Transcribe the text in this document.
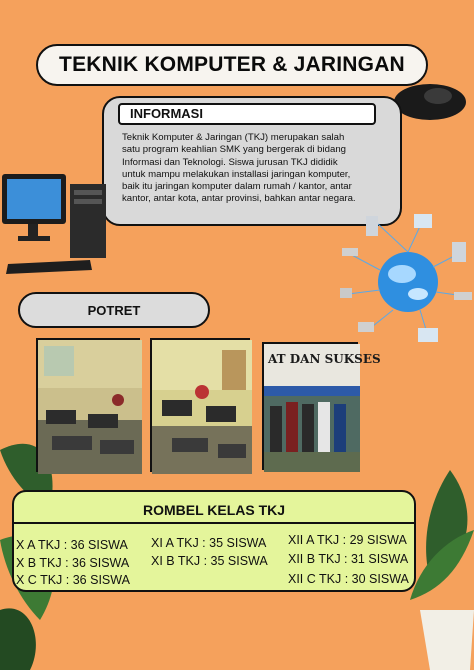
TEKNIK KOMPUTER & JARINGAN
INFORMASI
Teknik Komputer & Jaringan (TKJ) merupakan salah
satu program keahlian SMK yang bergerak di bidang
Informasi dan Teknologi. Siswa jurusan TKJ dididik
untuk mampu melakukan installasi jaringan komputer,
baik itu jaringan komputer dalam rumah / kantor, antar
kantor, antar kota, antar provinsi, bahkan antar negara.
POTRET
AT DAN SUKSES
ROMBEL KELAS TKJ
X A TKJ : 36 SISWA
X B TKJ : 36 SISWA
X C TKJ : 36 SISWA
XI A TKJ : 35 SISWA
XI B TKJ : 35 SISWA
XII A TKJ : 29 SISWA
XII B TKJ : 31 SISWA
XII C TKJ : 30 SISWA
